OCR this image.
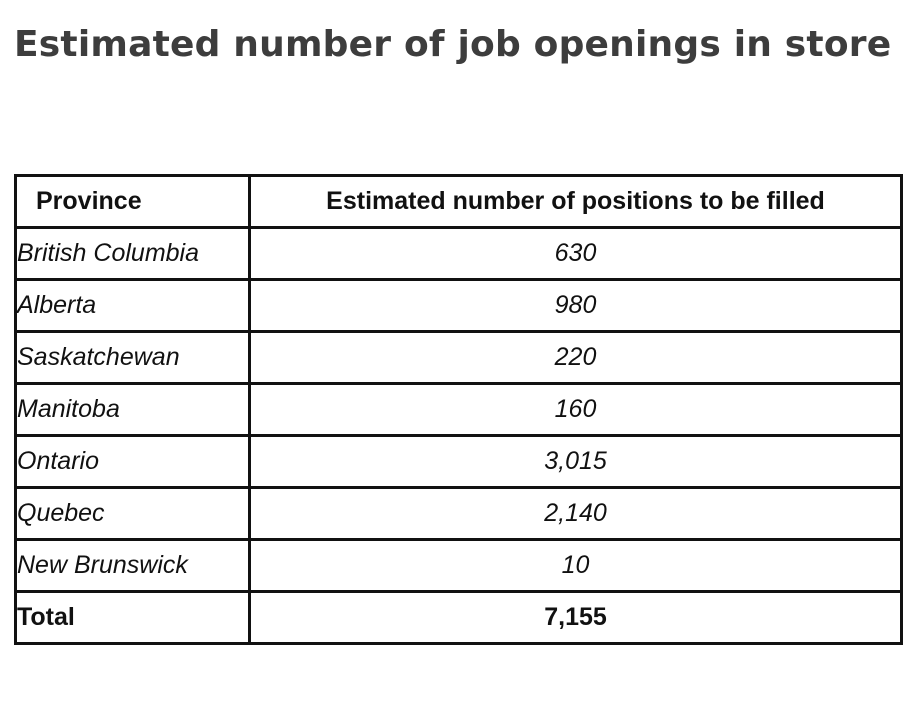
Estimated number of job openings in store
Province	Estimated number of positions to be filled
British Columbia	630
Alberta	980
Saskatchewan	220
Manitoba	160
Ontario	3,015
Quebec	2,140
New Brunswick	10
Total	7,155
